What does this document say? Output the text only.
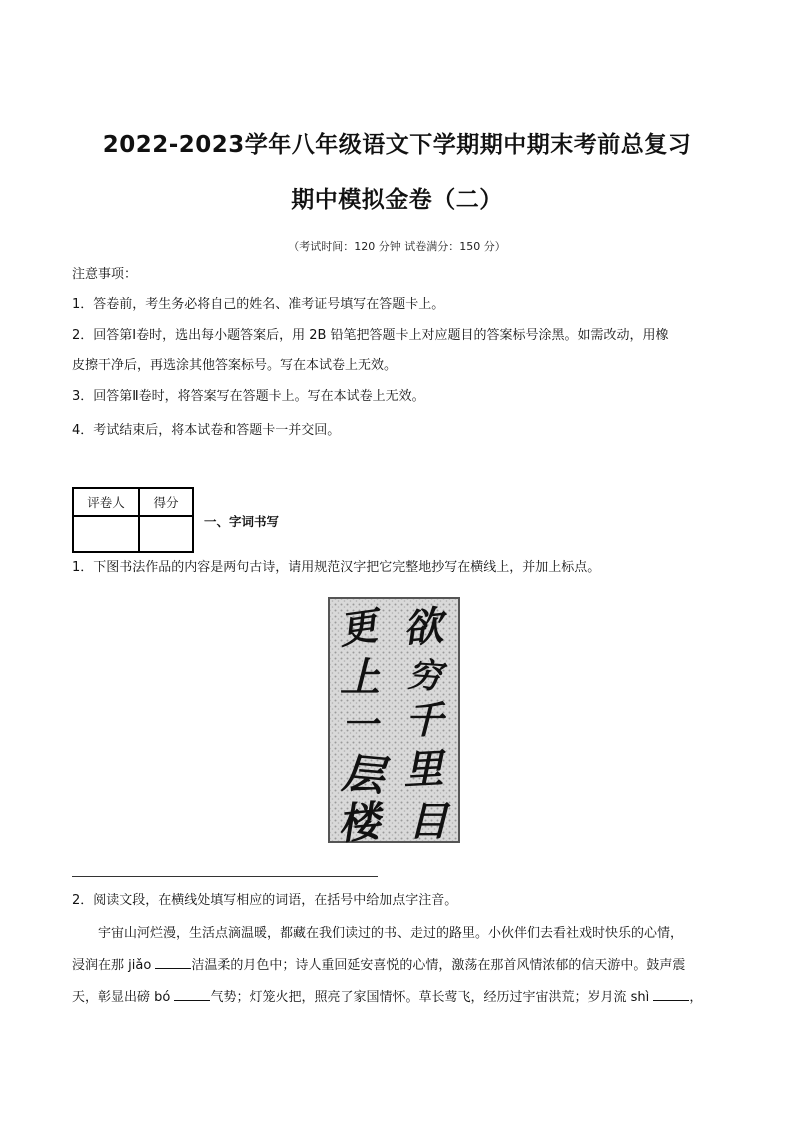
2022-2023学年八年级语文下学期期中期末考前总复习
期中模拟金卷（二）
（考试时间：120 分钟 试卷满分：150 分）
注意事项：
1．答卷前，考生务必将自己的姓名、准考证号填写在答题卡上。
2．回答第Ⅰ卷时，选出每小题答案后，用 2B 铅笔把答题卡上对应题目的答案标号涂黑。如需改动，用橡
皮擦干净后，再选涂其他答案标号。写在本试卷上无效。
3．回答第Ⅱ卷时，将答案写在答题卡上。写在本试卷上无效。
4．考试结束后，将本试卷和答题卡一并交回。
评卷人	得分

一、字词书写
1．下图书法作品的内容是两句古诗，请用规范汉字把它完整地抄写在横线上，并加上标点。
欲
穷
千
里
目
更
上
一
层
楼
2．阅读文段，在横线处填写相应的词语，在括号中给加点字注音。
宇宙山河烂漫，生活点滴温暖，都藏在我们读过的书、走过的路里。小伙伴们去看社戏时快乐的心情，
浸润在那 jiǎo	洁温柔的月色中；诗人重回延安喜悦的心情，激荡在那首风情浓郁的信天游中。鼓声震
天，彰显出磅 bó	气势；灯笼火把，照亮了家国情怀。草长莺飞，经历过宇宙洪荒；岁月流 shì	，
